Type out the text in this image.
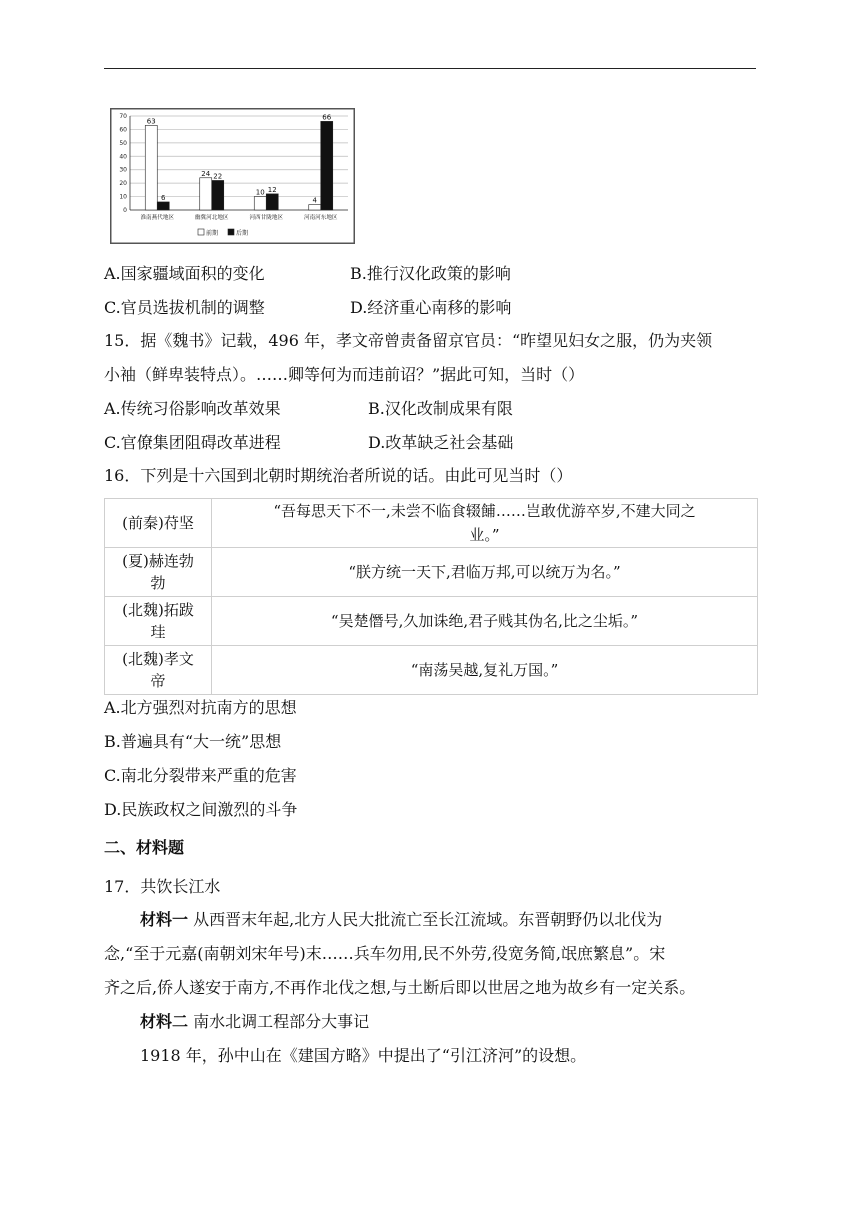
0
10
20
30
40
50
60
70
63
6
淮南燕代地区
24 22
幽冀河北地区
10 12
河西甘陇地区
4
66
河南河东地区
前期	后期
A.国家疆域面积的变化	B.推行汉化政策的影响
C.官员选拔机制的调整	D.经济重心南移的影响
15．据《魏书》记载，496 年，孝文帝曾责备留京官员：“昨望见妇女之服，仍为夹领
小袖（鲜卑装特点）。……卿等何为而违前诏？”据此可知，当时（）
A.传统习俗影响改革效果	B.汉化改制成果有限
C.官僚集团阻碍改革进程	D.改革缺乏社会基础
16．下列是十六国到北朝时期统治者所说的话。由此可见当时（）
(前秦)苻坚	“吾每思天下不一,未尝不临食辍餔……岂敢优游卒岁,不建大同之
业。”
(夏)赫连勃
勃	“朕方统一天下,君临万邦,可以统万为名。”
(北魏)拓跋
珪	“吴楚僭号,久加诛绝,君子贱其伪名,比之尘垢。”
(北魏)孝文
帝	“南荡吴越,复礼万国。”
A.北方强烈对抗南方的思想
B.普遍具有“大一统”思想
C.南北分裂带来严重的危害
D.民族政权之间激烈的斗争
二、材料题
17．共饮长江水
材料一 从西晋末年起,北方人民大批流亡至长江流域。东晋朝野仍以北伐为
念,“至于元嘉(南朝刘宋年号)末……兵车勿用,民不外劳,役宽务简,氓庶繁息”。宋
齐之后,侨人遂安于南方,不再作北伐之想,与土断后即以世居之地为故乡有一定关系。
材料二 南水北调工程部分大事记
1918 年，孙中山在《建国方略》中提出了“引江济河”的设想。
